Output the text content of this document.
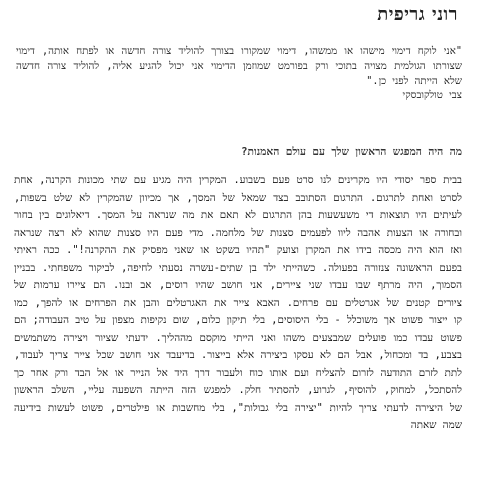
רוני גריפית

"אני לוקח דימוי מישהו או ממשהו, דימוי שמקורו בצורך להוליד צורה חדשה או לפתח אותה, דימוי שצורתו הגולמית מצויה בתוכי ורק בפורמט שמוזמן הדימוי אני יכול להגיע אליה, להוליד צורה חדשה שלא הייתה לפני כן."

צבי טולקובסקי

מה היה המפגש הראשון שלך עם עולם האמנות?

בבית ספר יסודי היו מקרינים לנו סרט פעם בשבוע. המקרין היה מגיע עם שתי מכונות הקרנה, אחת לסרט ואחת לתרגום. התרגום הסתובב בצד שמאל של המסך, אך מכיוון שהמקרין לא שלט בשפות, לעיתים היו תוצאות די משעשעות בהן התרגום לא תאם את מה שנראה על המסך. דיאלוגים בין בחור ובחורה או הצעות אהבה ליוו לפעמים סצנות של מלחמה. מדי פעם היו סצנות שהוא לא רצה שנראה ואז הוא היה מכסה בידו את המקרן וצועק "תהיו בשקט או שאני מפסיק את ההקרנה!". ככה ראיתי בפעם הראשונה צנזורה בפעולה. כשהייתי ילד בן שתים-עשרה נסעתי לחיפה, לביקור משפחתי. בבניין הסמוך, היה מרתף שבו עבדו שני ציירים, אני חושב שהיו רוסים, אב ובנו. הם ציירו ערמות של ציורים קטנים של אגרטלים עם פרחים. האבא צייר את האגרטלים והבן את הפרחים או להפך, כמו קו ייצור פשוט אך משוכלל - בלי היסוסים, בלי תיקון כלום, שום נקיפות מצפון על טיב העבודה; הם פשוט עבדו כמו פועלים שמבצעים משהו ואני הייתי מוקסם מההליך. ידעתי שציור ויצירה משתמשים בצבע, בד ומכחול, אבל הם לא עסקו ביצירה אלא בייצור. בדיעבד אני חושב שכל צייר צריך לעבוד, לתת לזרם התודעה לזרום להצליח ועם אותו כוח ולעבור דרך היד אל הנייר או אל הבד ורק אחר כך להסתכל, למחוק, להוסיף, לגרוע, להסתיר חלק. למפגש הזה הייתה השפעה עליי, השלב הראשון של היצירה לדעתי צריך להיות "יצירה בלי גבולות", בלי מחשבות או פילטרים, פשוט לעשות בידיעה שמה שאתה
